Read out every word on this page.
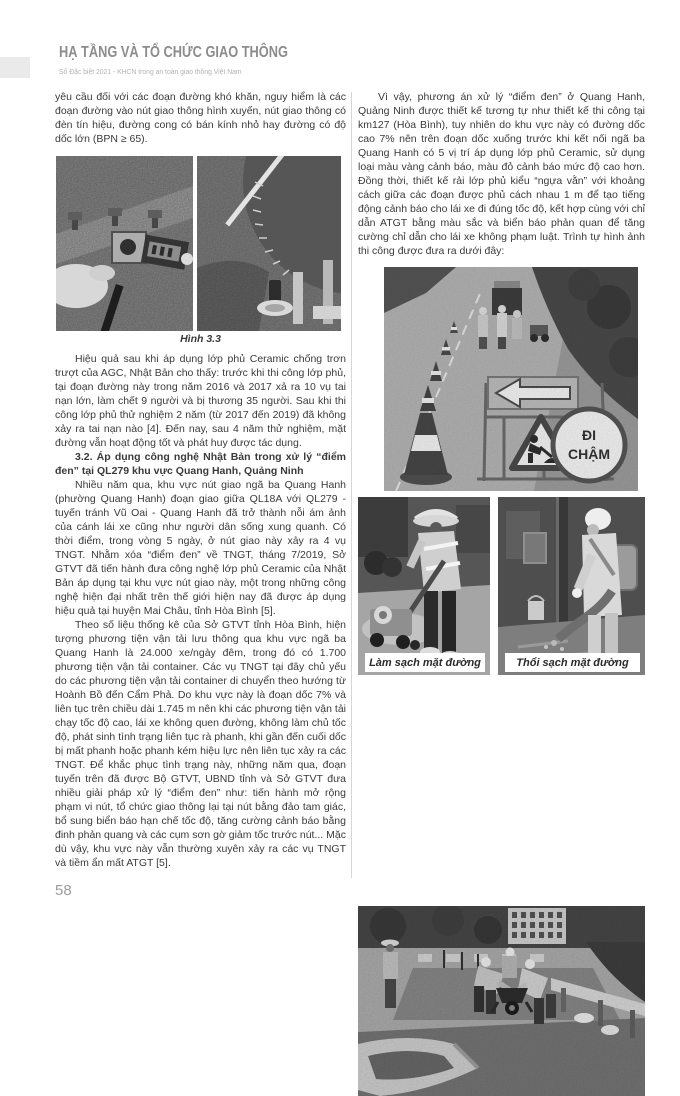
HẠ TẦNG VÀ TỔ CHỨC GIAO THÔNG
Số Đặc biệt 2021 - KHCN trong an toàn giao thông Việt Nam

yêu cầu đối với các đoạn đường khó khăn, nguy hiểm là các đoạn đường vào nút giao thông hình xuyến, nút giao thông có đèn tín hiệu, đường cong có bán kính nhỏ hay đường có độ dốc lớn (BPN ≥ 65).

Hình 3.3

Hiệu quả sau khi áp dụng lớp phủ Ceramic chống trơn trượt của AGC, Nhật Bản cho thấy: trước khi thi công lớp phủ, tại đoạn đường này trong năm 2016 và 2017 xả ra 10 vụ tai nạn lớn, làm chết 9 người và bị thương 35 người. Sau khi thi công lớp phủ thử nghiệm 2 năm (từ 2017 đến 2019) đã không xảy ra tai nạn nào [4]. Đến nay, sau 4 năm thử nghiệm, mặt đường vẫn hoạt động tốt và phát huy được tác dụng.

3.2. Áp dụng công nghệ Nhật Bản trong xử lý “điểm đen” tại QL279 khu vực Quang Hanh, Quảng Ninh

Nhiều năm qua, khu vực nút giao ngã ba Quang Hanh (phường Quang Hanh) đoạn giao giữa QL18A với QL279 - tuyến tránh Vũ Oai - Quang Hanh đã trở thành nỗi ám ảnh của cánh lái xe cũng như người dân sống xung quanh. Có thời điểm, trong vòng 5 ngày, ở nút giao này xảy ra 4 vụ TNGT. Nhằm xóa “điểm đen” về TNGT, tháng 7/2019, Sở GTVT đã tiến hành đưa công nghệ lớp phủ Ceramic của Nhật Bản áp dụng tại khu vực nút giao này, một trong những công nghệ hiện đại nhất trên thế giới hiện nay đã được áp dụng hiệu quả tại huyện Mai Châu, tỉnh Hòa Bình [5].

Theo số liệu thống kê của Sở GTVT tỉnh Hòa Bình, hiện tượng phương tiện vận tải lưu thông qua khu vực ngã ba Quang Hanh là 24.000 xe/ngày đêm, trong đó có 1.700 phương tiện vận tải container. Các vụ TNGT tại đây chủ yếu do các phương tiện vận tải container di chuyển theo hướng từ Hoành Bồ đến Cẩm Phả. Do khu vực này là đoạn dốc 7% và liên tục trên chiều dài 1.745 m nên khi các phương tiện vận tải chạy tốc độ cao, lái xe không quen đường, không làm chủ tốc độ, phát sinh tình trạng liên tục rà phanh, khi gần đến cuối dốc bị mất phanh hoặc phanh kém hiệu lực nên liên tục xảy ra các TNGT. Để khắc phục tình trạng này, những năm qua, đoạn tuyến trên đã được Bộ GTVT, UBND tỉnh và Sở GTVT đưa nhiều giải pháp xử lý “điểm đen” như: tiến hành mở rộng phạm vi nút, tổ chức giao thông lại tại nút bằng đảo tam giác, bổ sung biển báo hạn chế tốc độ, tăng cường cảnh báo bằng đinh phản quang và các cụm sơn gờ giảm tốc trước nút... Mặc dù vậy, khu vực này vẫn thường xuyên xảy ra các vụ TNGT và tiềm ẩn mất ATGT [5].

Vì vậy, phương án xử lý “điểm đen” ở Quang Hanh, Quảng Ninh được thiết kế tương tự như thiết kế thi công tại km127 (Hòa Bình), tuy nhiên do khu vực này có đường dốc cao 7% nên trên đoạn dốc xuống trước khi kết nối ngã ba Quang Hanh có 5 vị trí áp dụng lớp phủ Ceramic, sử dụng loại màu vàng cảnh báo, màu đỏ cảnh báo mức độ cao hơn. Đồng thời, thiết kế rải lớp phủ kiểu “ngựa vằn” với khoảng cách giữa các đoạn được phủ cách nhau 1 m để tạo tiếng động cảnh báo cho lái xe đi đúng tốc độ, kết hợp cùng với chỉ dẫn ATGT bằng màu sắc và biển báo phản quan để tăng cường chỉ dẫn cho lái xe không phạm luật. Trình tự hình ảnh thi công được đưa ra dưới đây:

ĐI
CHẬM
Làm sạch mặt đường	Thổi sạch mặt đường
58
